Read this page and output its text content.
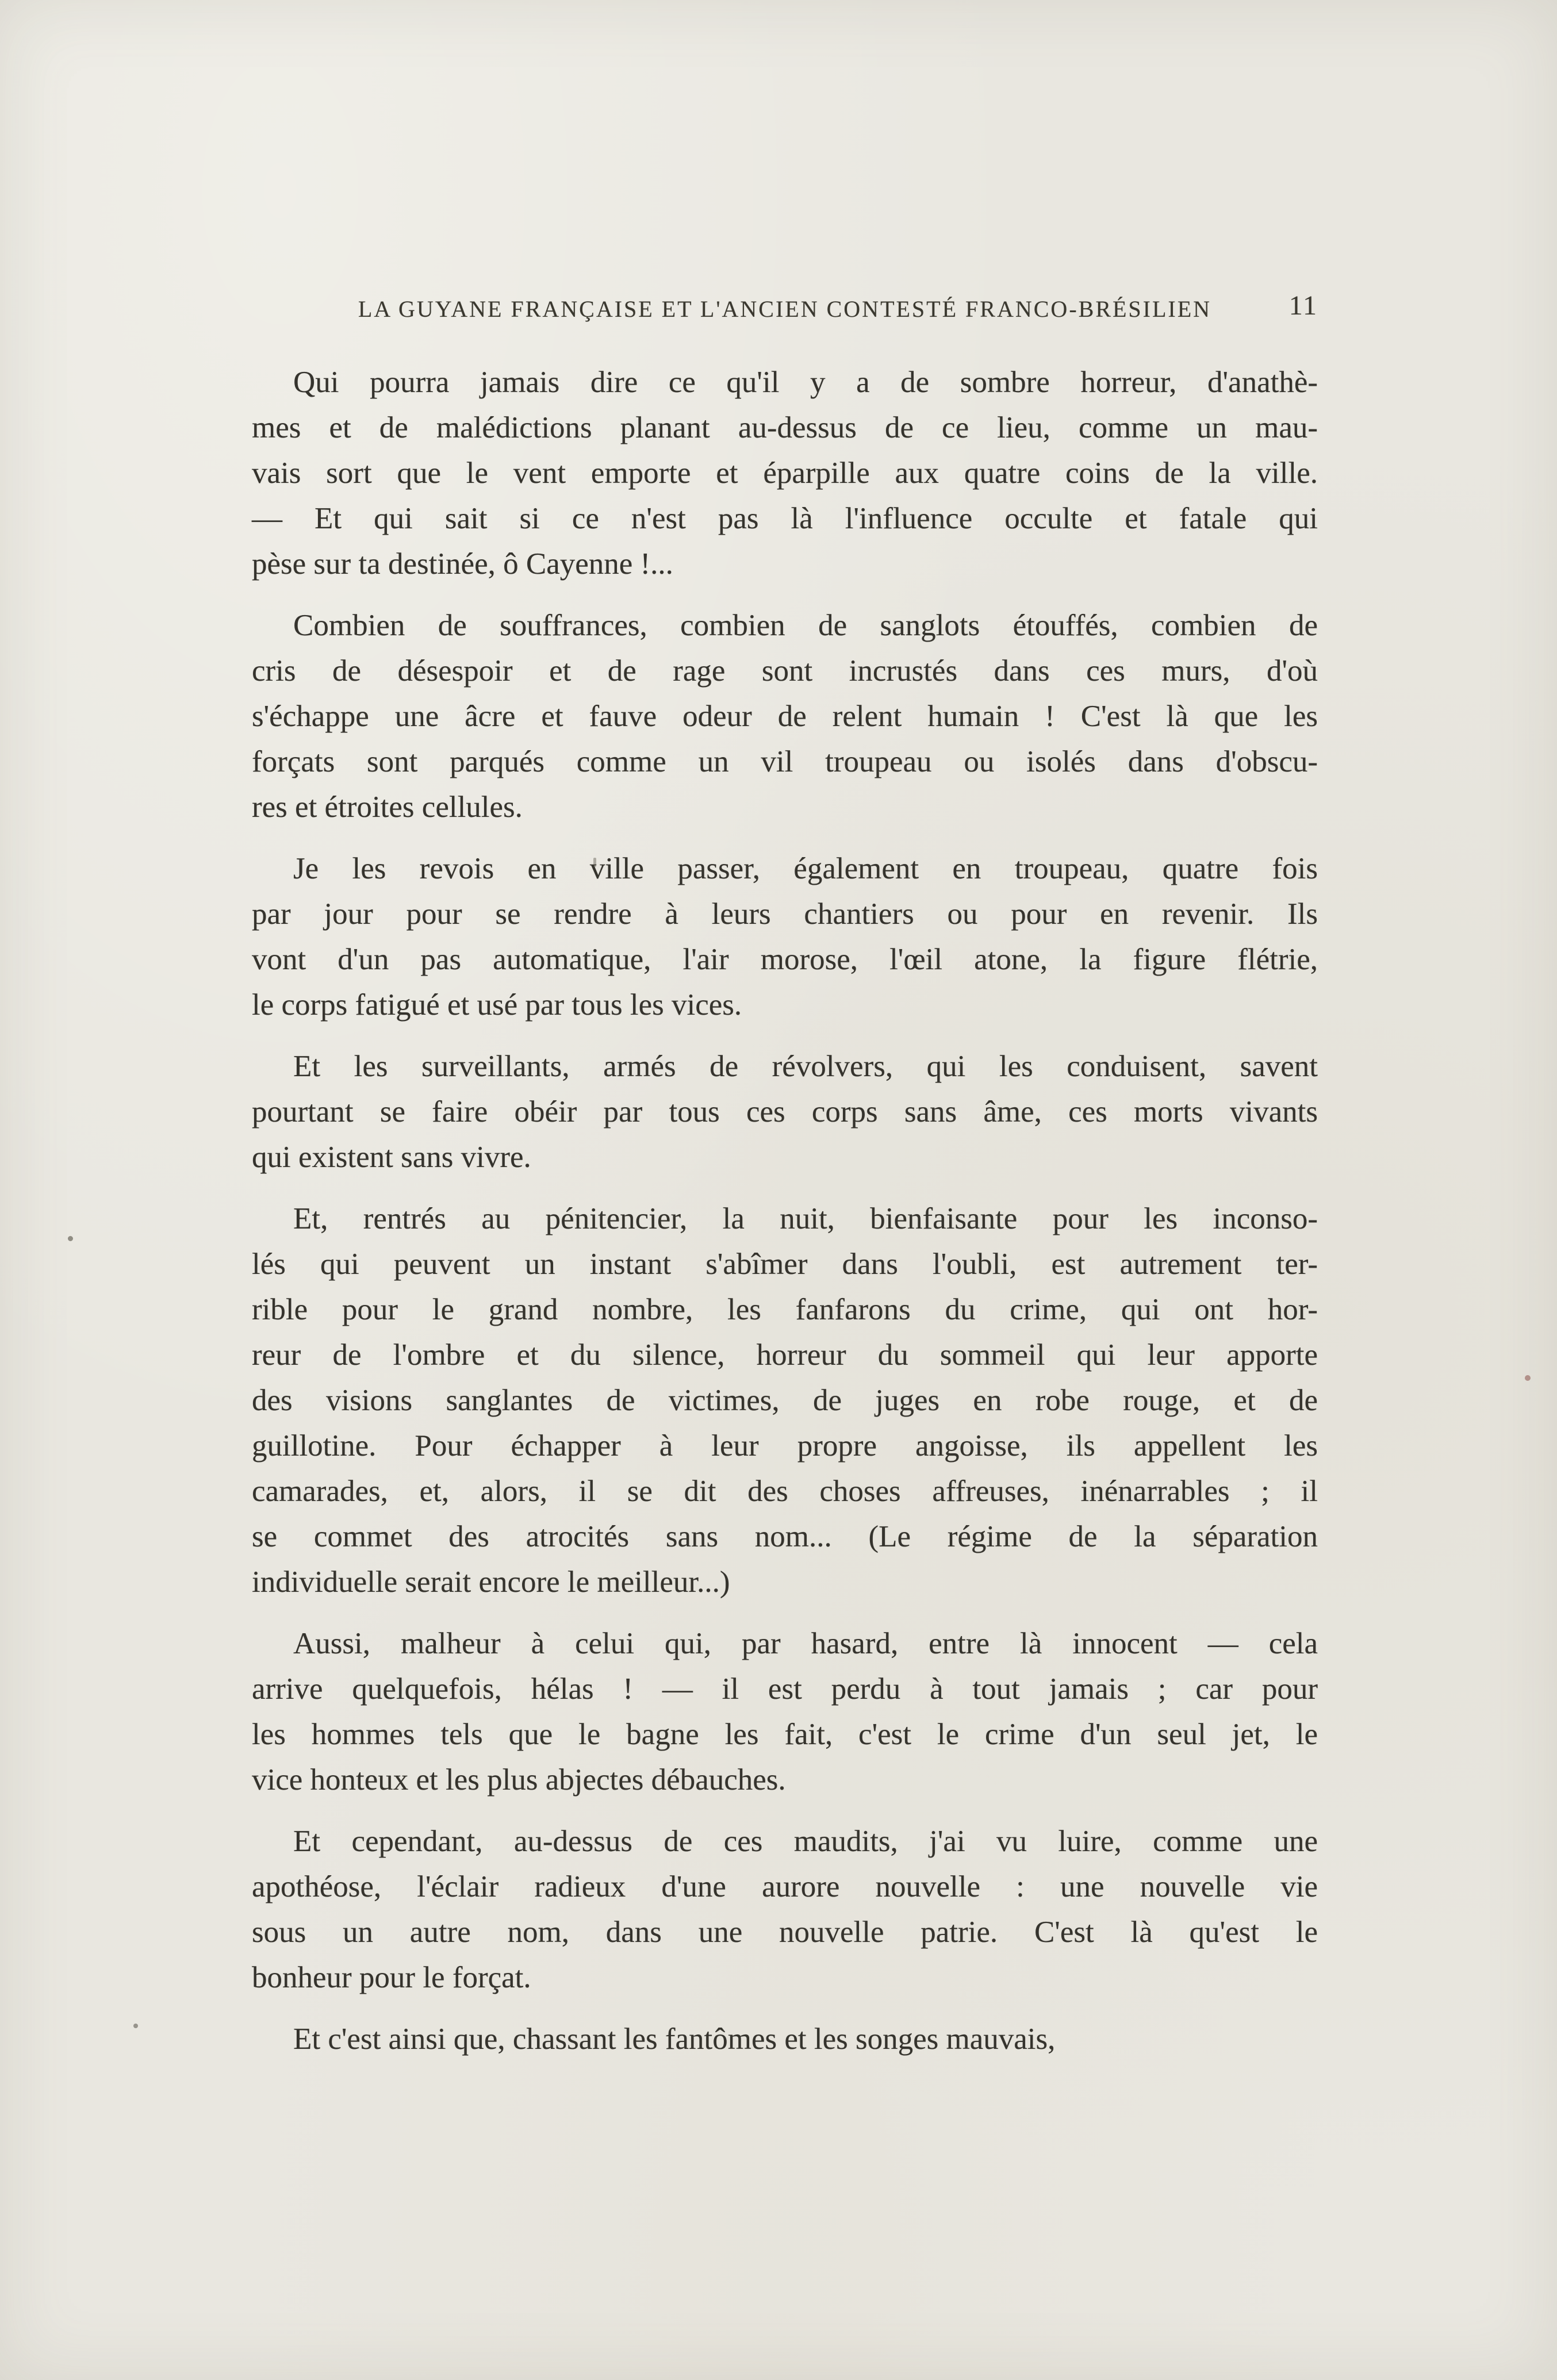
LA GUYANE FRANÇAISE ET L'ANCIEN CONTESTÉ FRANCO-BRÉSILIEN	11
Qui pourra jamais dire ce qu'il y a de sombre horreur, d'anathè-
mes et de malédictions planant au-dessus de ce lieu, comme un mau-
vais sort que le vent emporte et éparpille aux quatre coins de la ville.
— Et qui sait si ce n'est pas là l'influence occulte et fatale qui
pèse sur ta destinée, ô Cayenne !...
Combien de souffrances, combien de sanglots étouffés, combien de
cris de désespoir et de rage sont incrustés dans ces murs, d'où
s'échappe une âcre et fauve odeur de relent humain ! C'est là que les
forçats sont parqués comme un vil troupeau ou isolés dans d'obscu-
res et étroites cellules.
Je les revois en ville passer, également en troupeau, quatre fois
par jour pour se rendre à leurs chantiers ou pour en revenir. Ils
vont d'un pas automatique, l'air morose, l'œil atone, la figure flétrie,
le corps fatigué et usé par tous les vices.
Et les surveillants, armés de révolvers, qui les conduisent, savent
pourtant se faire obéir par tous ces corps sans âme, ces morts vivants
qui existent sans vivre.
Et, rentrés au pénitencier, la nuit, bienfaisante pour les inconso-
lés qui peuvent un instant s'abîmer dans l'oubli, est autrement ter-
rible pour le grand nombre, les fanfarons du crime, qui ont hor-
reur de l'ombre et du silence, horreur du sommeil qui leur apporte
des visions sanglantes de victimes, de juges en robe rouge, et de
guillotine. Pour échapper à leur propre angoisse, ils appellent les
camarades, et, alors, il se dit des choses affreuses, inénarrables ; il
se commet des atrocités sans nom... (Le régime de la séparation
individuelle serait encore le meilleur...)
Aussi, malheur à celui qui, par hasard, entre là innocent — cela
arrive quelquefois, hélas ! — il est perdu à tout jamais ; car pour
les hommes tels que le bagne les fait, c'est le crime d'un seul jet, le
vice honteux et les plus abjectes débauches.
Et cependant, au-dessus de ces maudits, j'ai vu luire, comme une
apothéose, l'éclair radieux d'une aurore nouvelle : une nouvelle vie
sous un autre nom, dans une nouvelle patrie. C'est là qu'est le
bonheur pour le forçat.
Et c'est ainsi que, chassant les fantômes et les songes mauvais,
